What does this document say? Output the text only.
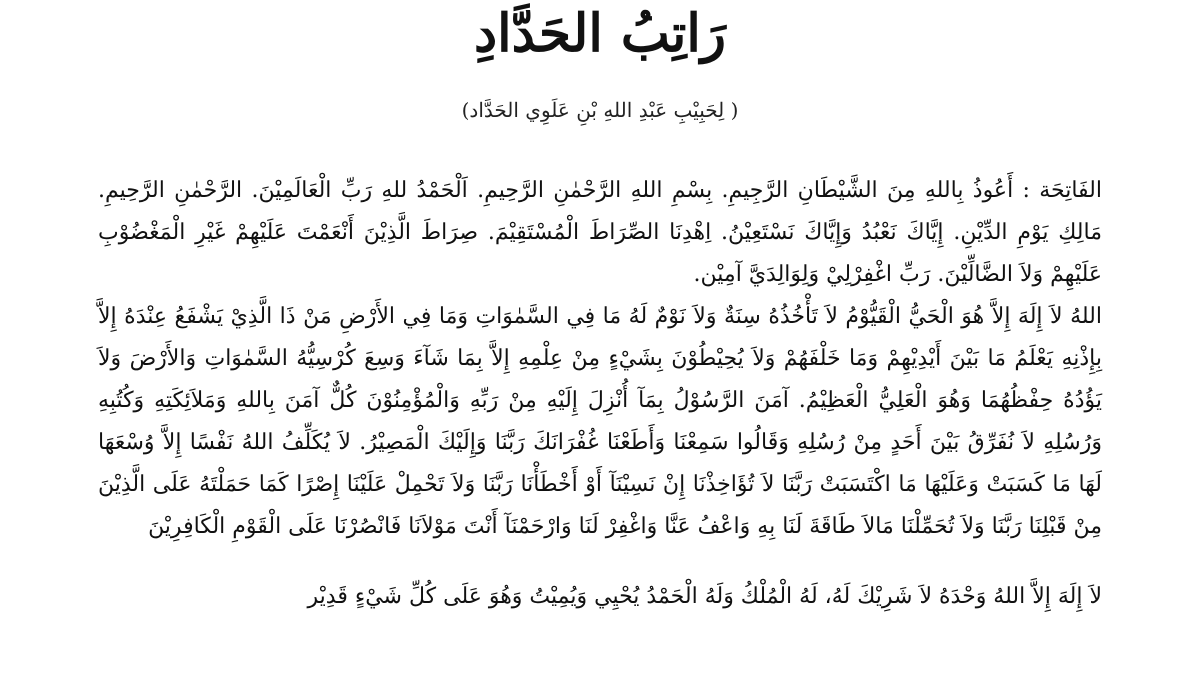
رَاتِبُ الحَدَّادِ
( لِحَبِيْبِ عَبْدِ اللهِ بْنِ عَلَوِي الحَدَّاد)

الفَاتِحَة : أَعُوذُ بِاللهِ مِنَ الشَّيْطَانِ الرَّجِيمِ. بِسْمِ اللهِ الرَّحْمٰنِ الرَّحِيمِ. اَلْحَمْدُ للهِ رَبِّ الْعَالَمِيْنَ. الرَّحْمٰنِ الرَّحِيمِ. مَالِكِ يَوْمِ الدِّيْنِ. إِيَّاكَ نَعْبُدُ وَإِيَّاكَ نَسْتَعِيْنُ. اِهْدِنَا الصِّرَاطَ الْمُسْتَقِيْمَ. صِرَاطَ الَّذِيْنَ أَنْعَمْتَ عَلَيْهِمْ غَيْرِ الْمَغْضُوْبِ عَلَيْهِمْ وَلاَ الضَّالِّيْنَ. رَبِّ اغْفِرْلِيْ وَلِوَالِدَيَّ آمِيْن.

اللهُ لاَ إِلَهَ إِلاَّ هُوَ الْحَيُّ الْقَيُّوْمُ لاَ تَأْخُذُهُ سِنَةٌ وَلاَ نَوْمٌ لَهُ مَا فِي السَّمٰوَاتِ وَمَا فِي الأَرْضِ مَنْ ذَا الَّذِيْ يَشْفَعُ عِنْدَهُ إِلاَّ بِإِذْنِهِ يَعْلَمُ مَا بَيْنَ أَيْدِيْهِمْ وَمَا خَلْفَهُمْ وَلاَ يُحِيْطُوْنَ بِشَيْءٍ مِنْ عِلْمِهِ إِلاَّ بِمَا شَآءَ وَسِعَ كُرْسِيُّهُ السَّمٰوَاتِ وَالأَرْضَ وَلاَ يَؤُدُهُ حِفْظُهُمَا وَهُوَ الْعَلِيُّ الْعَظِيْمُ. آمَنَ الرَّسُوْلُ بِمَآ أُنْزِلَ إِلَيْهِ مِنْ رَبِّهِ وَالْمُؤْمِنُوْنَ كُلٌّ آمَنَ بِاللهِ وَمَلاَئِكَتِهِ وَكُتُبِهِ وَرُسُلِهِ لاَ نُفَرِّقُ بَيْنَ أَحَدٍ مِنْ رُسُلِهِ وَقَالُوا سَمِعْنَا وَأَطَعْنَا غُفْرَانَكَ رَبَّنَا وَإِلَيْكَ الْمَصِيْرُ. لاَ يُكَلِّفُ اللهُ نَفْسًا إِلاَّ وُسْعَهَا لَهَا مَا كَسَبَتْ وَعَلَيْهَا مَا اكْتَسَبَتْ رَبَّنَا لاَ تُؤَاخِذْنَا إِنْ نَسِيْنَآ أَوْ أَخْطَأْنَا رَبَّنَا وَلاَ تَحْمِلْ عَلَيْنَا إِصْرًا كَمَا حَمَلْتَهُ عَلَى الَّذِيْنَ مِنْ قَبْلِنَا رَبَّنَا وَلاَ تُحَمِّلْنَا مَالاَ طَاقَةَ لَنَا بِهِ وَاعْفُ عَنَّا وَاغْفِرْ لَنَا وَارْحَمْنَآ أَنْتَ مَوْلاَنَا فَانْصُرْنَا عَلَى الْقَوْمِ الْكَافِرِيْنَ

لاَ إِلَهَ إِلاَّ اللهُ وَحْدَهُ لاَ شَرِيْكَ لَهُ، لَهُ الْمُلْكُ وَلَهُ الْحَمْدُ يُحْيِي وَيُمِيْتُ وَهُوَ عَلَى كُلِّ شَيْءٍ قَدِيْر
